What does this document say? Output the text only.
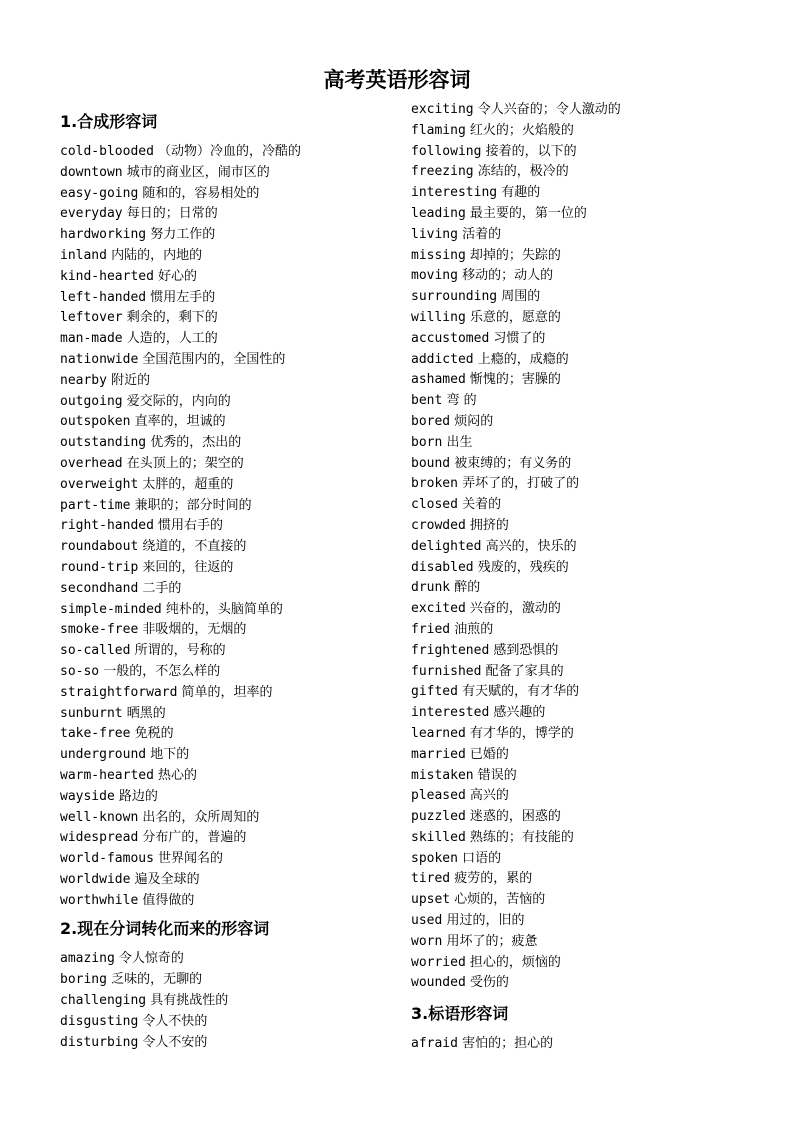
高考英语形容词
1.合成形容词
cold-blooded （动物）冷血的，冷酷的
downtown 城市的商业区，闹市区的
easy-going 随和的，容易相处的
everyday 每日的；日常的
hardworking 努力工作的
inland 内陆的，内地的
kind-hearted 好心的
left-handed 惯用左手的
leftover 剩余的，剩下的
man-made 人造的，人工的
nationwide 全国范围内的，全国性的
nearby 附近的
outgoing 爱交际的，内向的
outspoken 直率的，坦诚的
outstanding 优秀的，杰出的
overhead 在头顶上的；架空的
overweight 太胖的，超重的
part-time 兼职的；部分时间的
right-handed 惯用右手的
roundabout 绕道的，不直接的
round-trip 来回的，往返的
secondhand 二手的
simple-minded 纯朴的，头脑简单的
smoke-free 非吸烟的，无烟的
so-called 所谓的，号称的
so-so 一般的，不怎么样的
straightforward 简单的，坦率的
sunburnt 晒黑的
take-free 免税的
underground 地下的
warm-hearted 热心的
wayside 路边的
well-known 出名的，众所周知的
widespread 分布广的，普遍的
world-famous 世界闻名的
worldwide 遍及全球的
worthwhile 值得做的
2.现在分词转化而来的形容词
amazing 令人惊奇的
boring 乏味的，无聊的
challenging 具有挑战性的
disgusting 令人不快的
disturbing 令人不安的
exciting 令人兴奋的；令人激动的
flaming 红火的；火焰般的
following 接着的，以下的
freezing 冻结的，极冷的
interesting 有趣的
leading 最主要的，第一位的
living 活着的
missing 却掉的；失踪的
moving 移动的；动人的
surrounding 周围的
willing 乐意的，愿意的
accustomed 习惯了的
addicted 上瘾的，成瘾的
ashamed 惭愧的；害臊的
bent 弯 的
bored 烦闷的
born 出生
bound 被束缚的；有义务的
broken 弄坏了的，打破了的
closed 关着的
crowded 拥挤的
delighted 高兴的，快乐的
disabled 残废的，残疾的
drunk 醉的
excited 兴奋的，激动的
fried 油煎的
frightened 感到恐惧的
furnished 配备了家具的
gifted 有天赋的，有才华的
interested 感兴趣的
learned 有才华的，博学的
married 已婚的
mistaken 错误的
pleased 高兴的
puzzled 迷惑的，困惑的
skilled 熟练的；有技能的
spoken 口语的
tired 疲劳的，累的
upset 心烦的，苦恼的
used 用过的，旧的
worn 用坏了的；疲惫
worried 担心的，烦恼的
wounded 受伤的
3.标语形容词
afraid 害怕的；担心的
